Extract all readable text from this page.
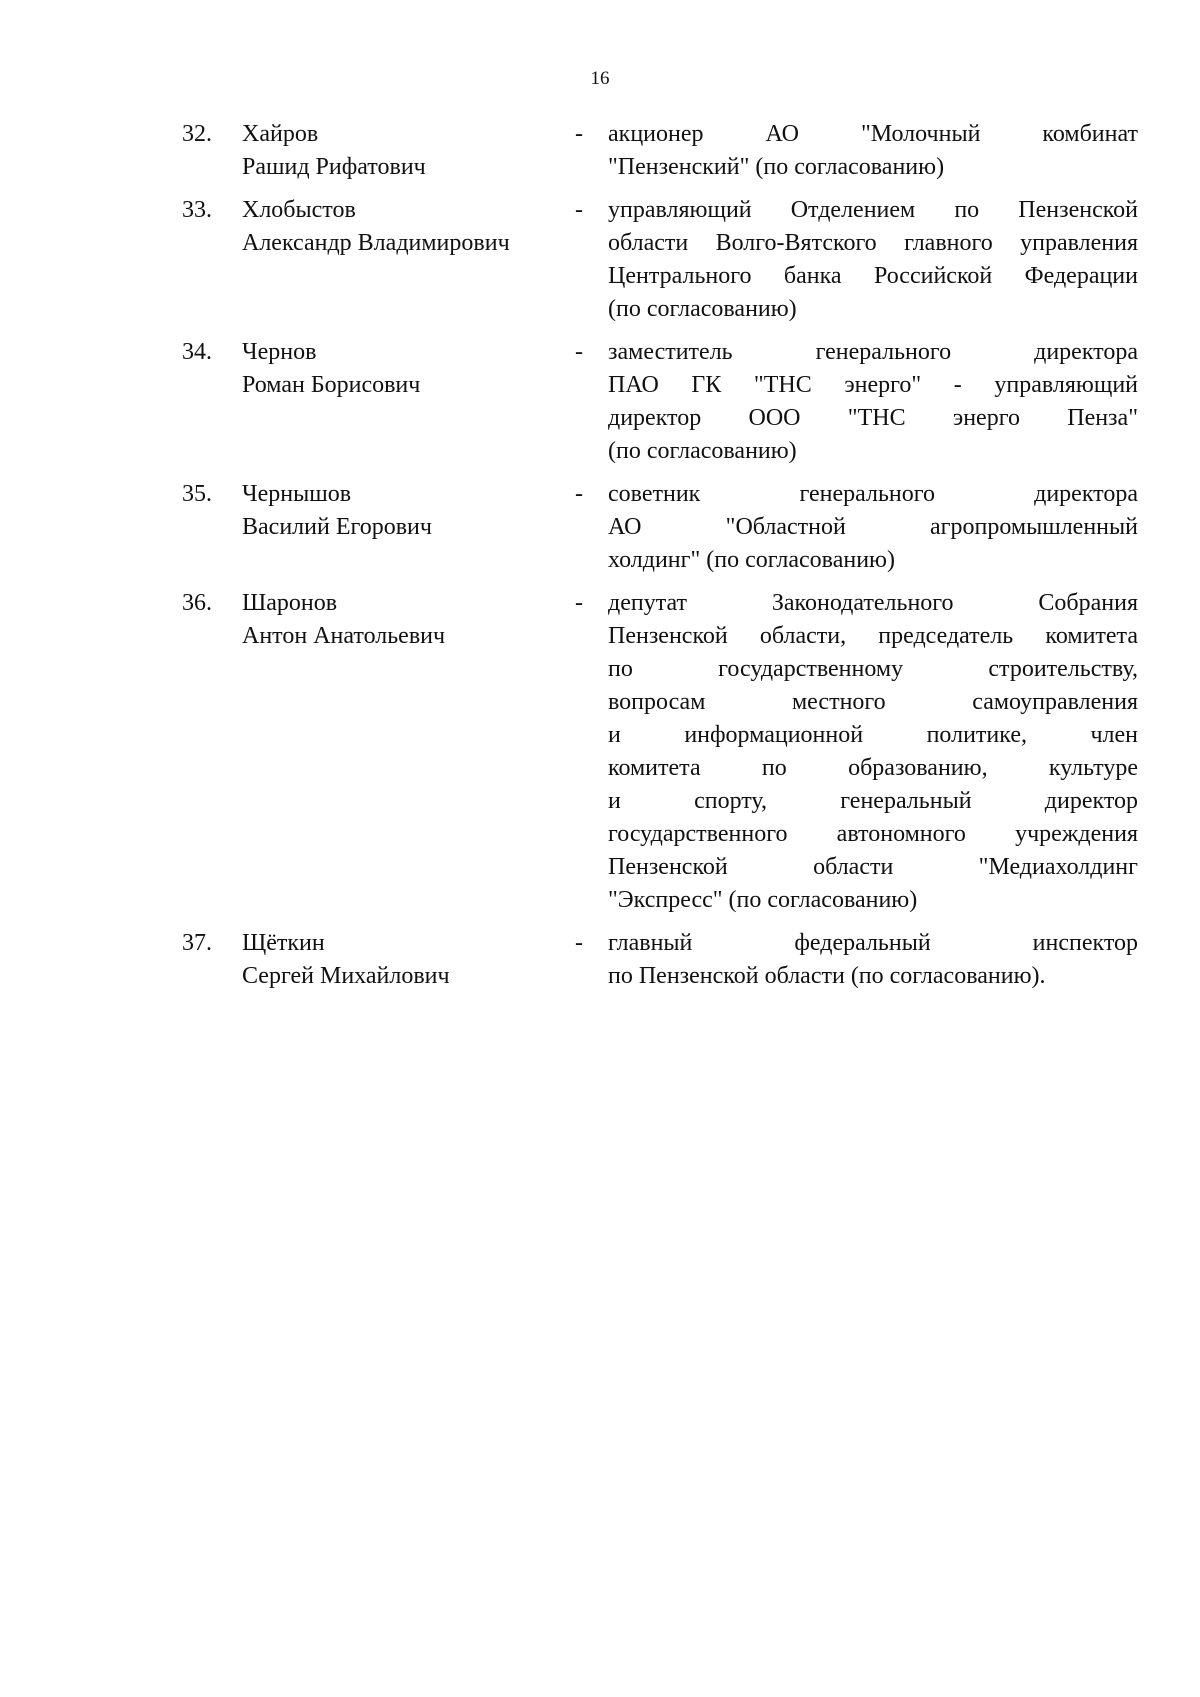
16
32. Хайров
Рашид Рифатович
- акционер АО "Молочный комбинат
"Пензенский" (по согласованию)
33. Хлобыстов
Александр Владимирович
- управляющий Отделением по Пензенской
области Волго-Вятского главного управления
Центрального банка Российской Федерации
(по согласованию)
34. Чернов
Роман Борисович
- заместитель генерального директора
ПАО ГК "ТНС энерго" - управляющий
директор ООО "ТНС энерго Пенза"
(по согласованию)
35. Чернышов
Василий Егорович
- советник генерального директора
АО "Областной агропромышленный
холдинг" (по согласованию)
36. Шаронов
Антон Анатольевич
- депутат Законодательного Собрания
Пензенской области, председатель комитета
по государственному строительству,
вопросам местного самоуправления
и информационной политике, член
комитета по образованию, культуре
и спорту, генеральный директор
государственного автономного учреждения
Пензенской области "Медиахолдинг
"Экспресс" (по согласованию)
37. Щёткин
Сергей Михайлович
- главный федеральный инспектор
по Пензенской области (по согласованию).
